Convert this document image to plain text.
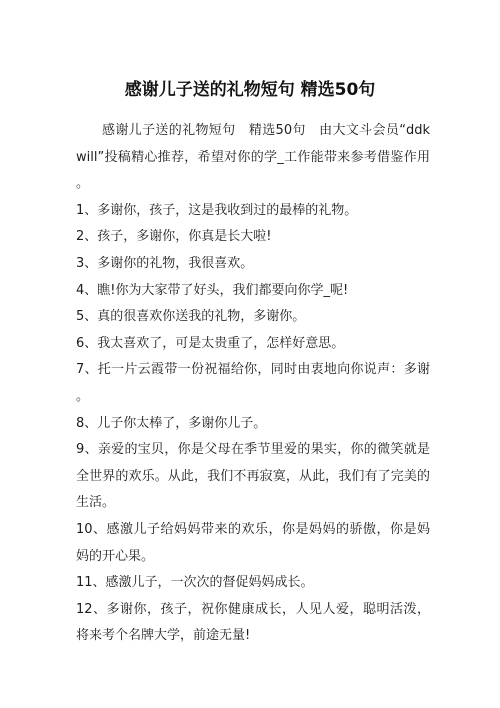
感谢儿子送的礼物短句 精选50句

感谢儿子送的礼物短句　精选50句　由大文斗会员“ddkwill”投稿精心推荐，希望对你的学_工作能带来参考借鉴作用。

1、多谢你，孩子，这是我收到过的最棒的礼物。

2、孩子，多谢你，你真是长大啦!

3、多谢你的礼物，我很喜欢。

4、瞧!你为大家带了好头，我们都要向你学_呢!

5、真的很喜欢你送我的礼物，多谢你。

6、我太喜欢了，可是太贵重了，怎样好意思。

7、托一片云霞带一份祝福给你，同时由衷地向你说声：多谢。

8、儿子你太棒了，多谢你儿子。

9、亲爱的宝贝，你是父母在季节里爱的果实，你的微笑就是全世界的欢乐。从此，我们不再寂寞，从此，我们有了完美的生活。

10、感激儿子给妈妈带来的欢乐，你是妈妈的骄傲，你是妈妈的开心果。

11、感激儿子，一次次的督促妈妈成长。

12、多谢你，孩子，祝你健康成长，人见人爱，聪明活泼，将来考个名牌大学，前途无量!
